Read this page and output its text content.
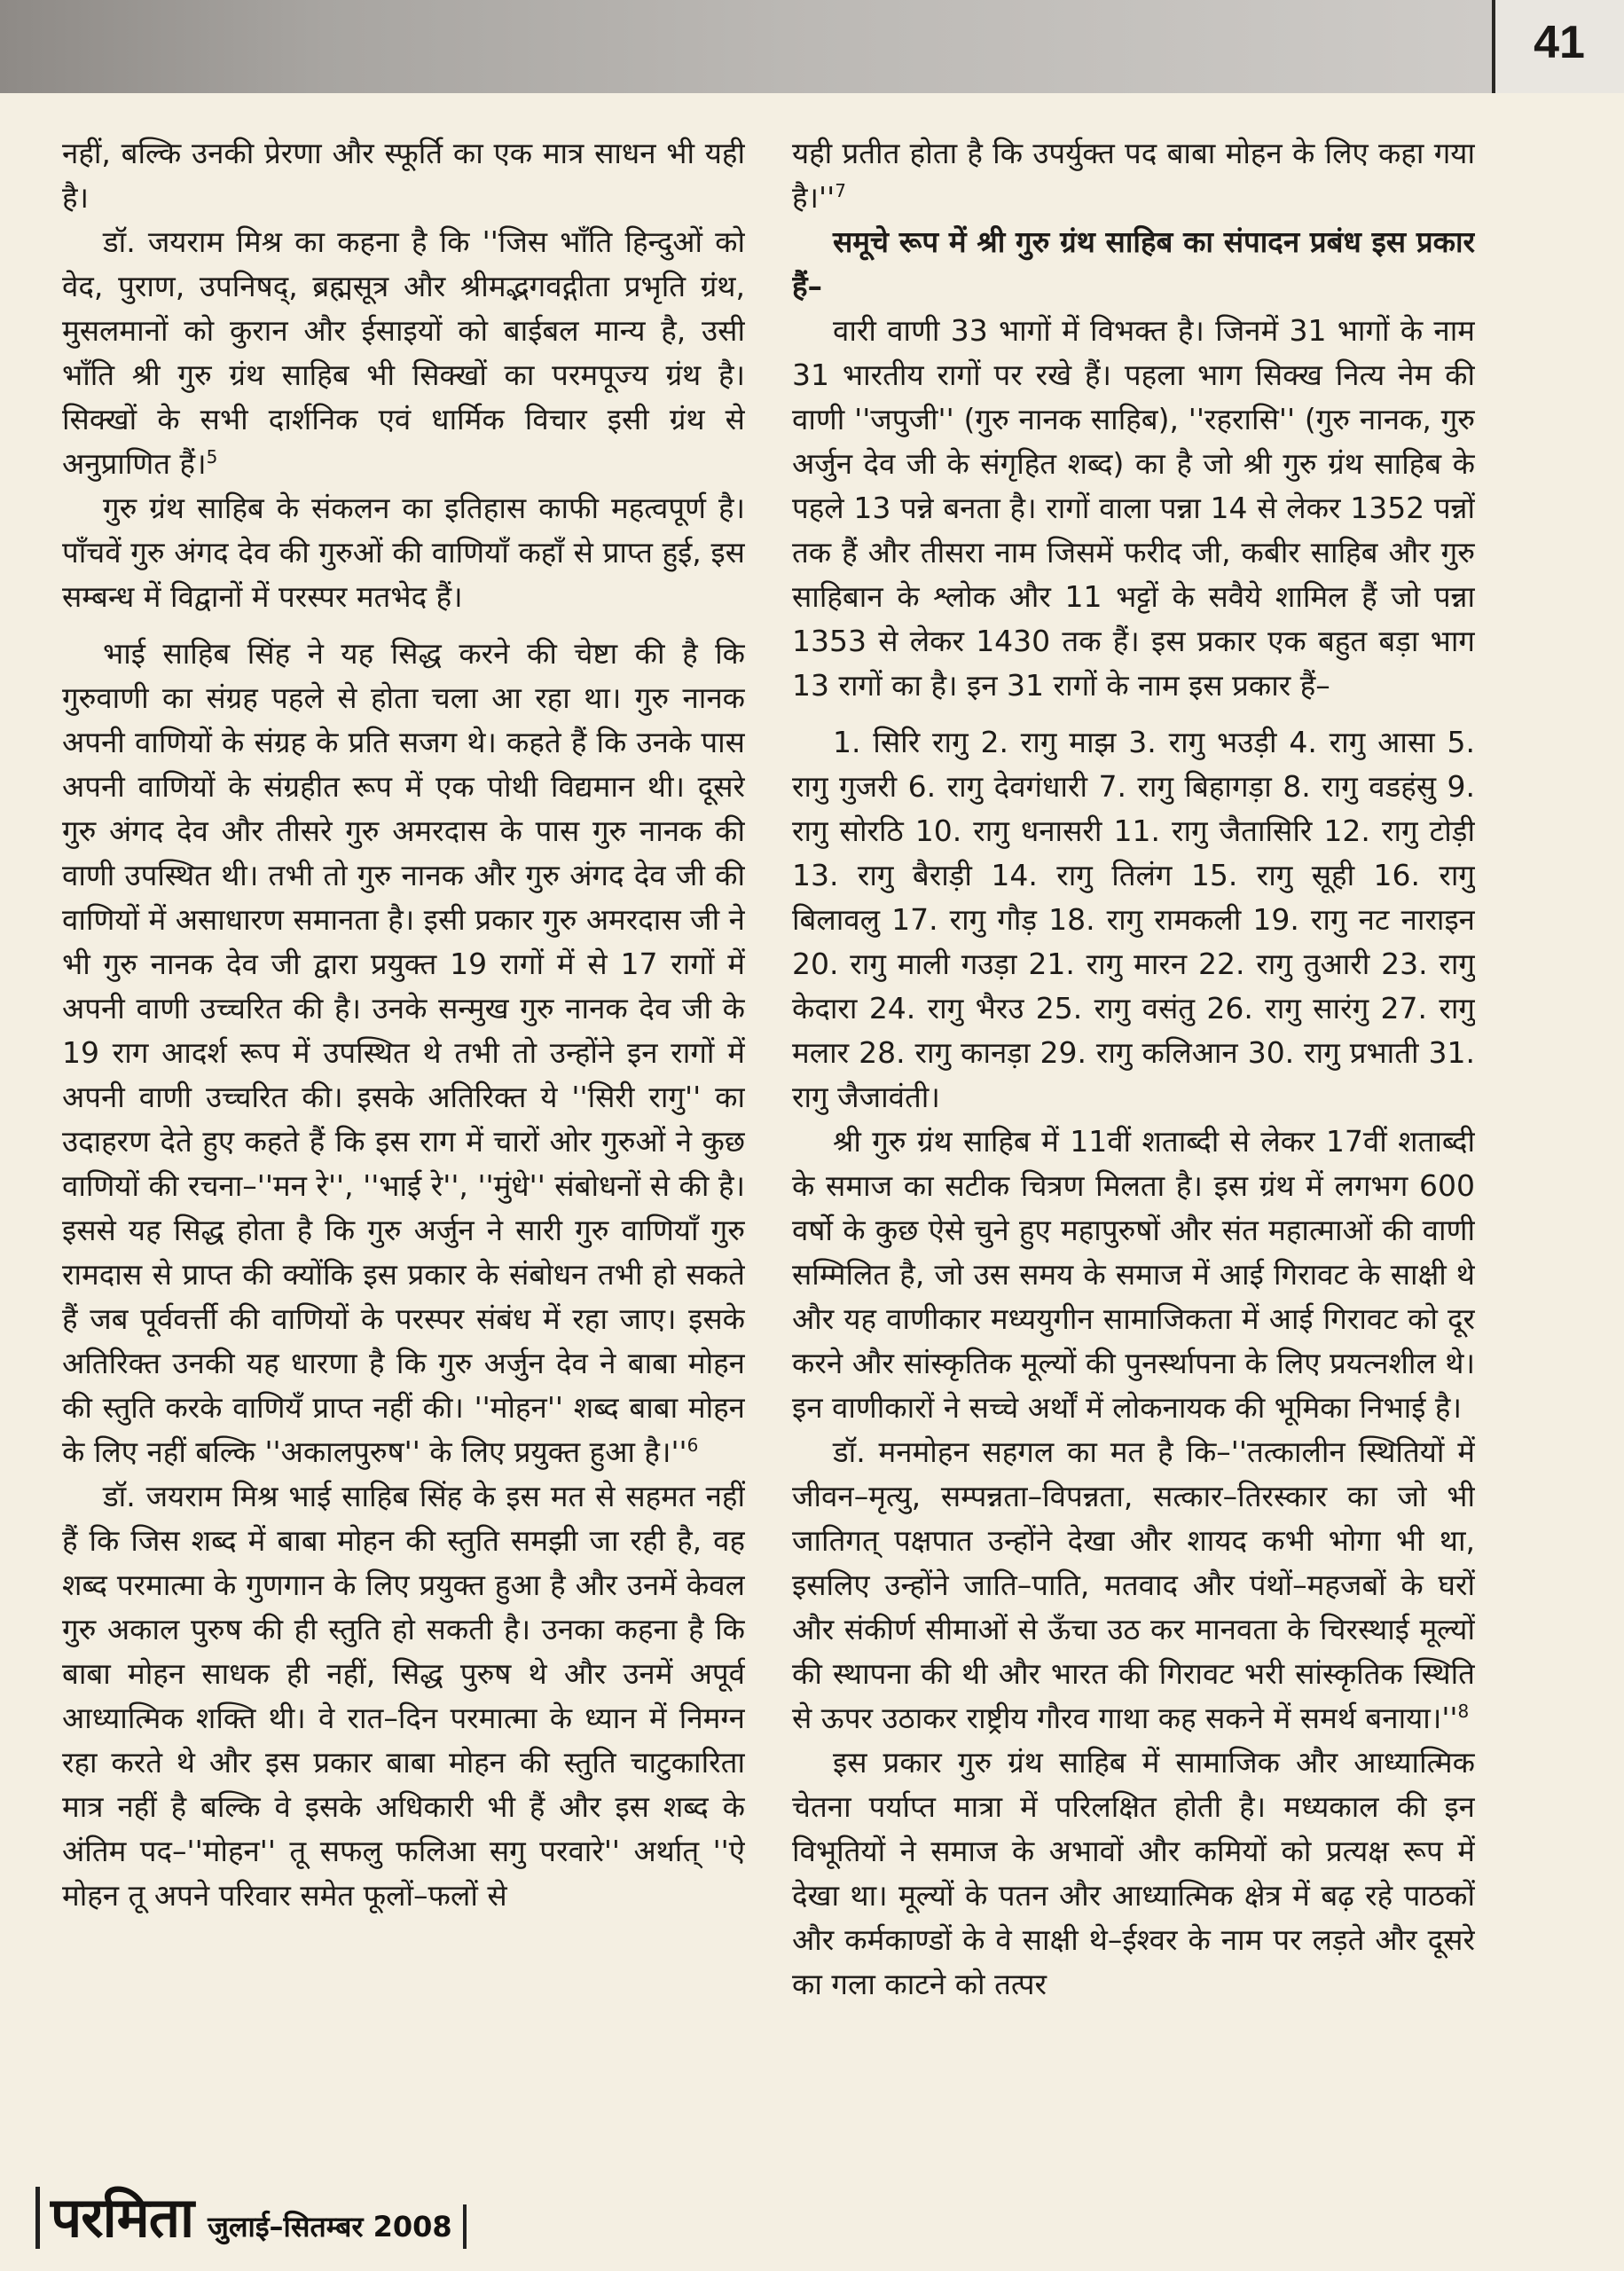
41

नहीं, बल्कि उनकी प्रेरणा और स्फूर्ति का एक मात्र साधन भी यही है।

डॉ. जयराम मिश्र का कहना है कि ''जिस भाँति हिन्दुओं को वेद, पुराण, उपनिषद्, ब्रह्मसूत्र और श्रीमद्भगवद्गीता प्रभृति ग्रंथ, मुसलमानों को कुरान और ईसाइयों को बाईबल मान्य है, उसी भाँति श्री गुरु ग्रंथ साहिब भी सिक्खों का परमपूज्य ग्रंथ है। सिक्खों के सभी दार्शनिक एवं धार्मिक विचार इसी ग्रंथ से अनुप्राणित हैं।$^5$

गुरु ग्रंथ साहिब के संकलन का इतिहास काफी महत्वपूर्ण है। पाँचवें गुरु अंगद देव की गुरुओं की वाणियाँ कहाँ से प्राप्त हुई, इस सम्बन्ध में विद्वानों में परस्पर मतभेद हैं।

भाई साहिब सिंह ने यह सिद्ध करने की चेष्टा की है कि गुरुवाणी का संग्रह पहले से होता चला आ रहा था। गुरु नानक अपनी वाणियों के संग्रह के प्रति सजग थे। कहते हैं कि उनके पास अपनी वाणियों के संग्रहीत रूप में एक पोथी विद्यमान थी। दूसरे गुरु अंगद देव और तीसरे गुरु अमरदास के पास गुरु नानक की वाणी उपस्थित थी। तभी तो गुरु नानक और गुरु अंगद देव जी की वाणियों में असाधारण समानता है। इसी प्रकार गुरु अमरदास जी ने भी गुरु नानक देव जी द्वारा प्रयुक्त 19 रागों में से 17 रागों में अपनी वाणी उच्चरित की है। उनके सन्मुख गुरु नानक देव जी के 19 राग आदर्श रूप में उपस्थित थे तभी तो उन्होंने इन रागों में अपनी वाणी उच्चरित की। इसके अतिरिक्त ये ''सिरी रागु'' का उदाहरण देते हुए कहते हैं कि इस राग में चारों ओर गुरुओं ने कुछ वाणियों की रचना–''मन रे'', ''भाई रे'', ''मुंधे'' संबोधनों से की है। इससे यह सिद्ध होता है कि गुरु अर्जुन ने सारी गुरु वाणियाँ गुरु रामदास से प्राप्त की क्योंकि इस प्रकार के संबोधन तभी हो सकते हैं जब पूर्ववर्त्ती की वाणियों के परस्पर संबंध में रहा जाए। इसके अतिरिक्त उनकी यह धारणा है कि गुरु अर्जुन देव ने बाबा मोहन की स्तुति करके वाणियँ प्राप्त नहीं की। ''मोहन'' शब्द बाबा मोहन के लिए नहीं बल्कि ''अकालपुरुष'' के लिए प्रयुक्त हुआ $है।''^6$

डॉ. जयराम मिश्र भाई साहिब सिंह के इस मत से सहमत नहीं हैं कि जिस शब्द में बाबा मोहन की स्तुति समझी जा रही है, वह शब्द परमात्मा के गुणगान के लिए प्रयुक्त हुआ है और उनमें केवल गुरु अकाल पुरुष की ही स्तुति हो सकती है। उनका कहना है कि बाबा मोहन साधक ही नहीं, सिद्ध पुरुष थे और उनमें अपूर्व आध्यात्मिक शक्ति थी। वे रात–दिन परमात्मा के ध्यान में निमग्न रहा करते थे और इस प्रकार बाबा मोहन की स्तुति चाटुकारिता मात्र नहीं है बल्कि वे इसके अधिकारी भी हैं और इस शब्द के अंतिम पद–''मोहन'' तू सफलु फलिआ सगु परवारे'' अर्थात् ''ऐ मोहन तू अपने परिवार समेत फूलों–फलों से

यही प्रतीत होता है कि उपर्युक्त पद बाबा मोहन के लिए कहा गया $है।''^7$

समूचे रूप में श्री गुरु ग्रंथ साहिब का संपादन प्रबंध इस प्रकार हैं–

वारी वाणी 33 भागों में विभक्त है। जिनमें 31 भागों के नाम 31 भारतीय रागों पर रखे हैं। पहला भाग सिक्ख नित्य नेम की वाणी ''जपुजी'' (गुरु नानक साहिब), ''रहरासि'' (गुरु नानक, गुरु अर्जुन देव जी के संगृहित शब्द) का है जो श्री गुरु ग्रंथ साहिब के पहले 13 पन्ने बनता है। रागों वाला पन्ना 14 से लेकर 1352 पन्नों तक हैं और तीसरा नाम जिसमें फरीद जी, कबीर साहिब और गुरु साहिबान के श्लोक और 11 भट्टों के सवैये शामिल हैं जो पन्ना 1353 से लेकर 1430 तक हैं। इस प्रकार एक बहुत बड़ा भाग 13 रागों का है। इन 31 रागों के नाम इस प्रकार हैं–

1. सिरि रागु 2. रागु माझ 3. रागु भउड़ी 4. रागु आसा 5. रागु गुजरी 6. रागु देवगंधारी 7. रागु बिहागड़ा 8. रागु वडहंसु 9. रागु सोरठि 10. रागु धनासरी 11. रागु जैतासिरि 12. रागु टोड़ी 13. रागु बैराड़ी 14. रागु तिलंग 15. रागु सूही 16. रागु बिलावलु 17. रागु गौड़ 18. रागु रामकली 19. रागु नट नाराइन 20. रागु माली गउड़ा 21. रागु मारन 22. रागु तुआरी 23. रागु केदारा 24. रागु भैरउ 25. रागु वसंतु 26. रागु सारंगु 27. रागु मलार 28. रागु कानड़ा 29. रागु कलिआन 30. रागु प्रभाती 31. रागु जैजावंती।

श्री गुरु ग्रंथ साहिब में 11वीं शताब्दी से लेकर 17वीं शताब्दी के समाज का सटीक चित्रण मिलता है। इस ग्रंथ में लगभग 600 वर्षो के कुछ ऐसे चुने हुए महापुरुषों और संत महात्माओं की वाणी सम्मिलित है, जो उस समय के समाज में आई गिरावट के साक्षी थे और यह वाणीकार मध्ययुगीन सामाजिकता में आई गिरावट को दूर करने और सांस्कृतिक मूल्यों की पुनर्स्थापना के लिए प्रयत्नशील थे। इन वाणीकारों ने सच्चे अर्थों में लोकनायक की भूमिका निभाई है।

डॉ. मनमोहन सहगल का मत है कि–''तत्कालीन स्थितियों में जीवन–मृत्यु, सम्पन्नता–विपन्नता, सत्कार–तिरस्कार का जो भी जातिगत् पक्षपात उन्होंने देखा और शायद कभी भोगा भी था, इसलिए उन्होंने जाति–पाति, मतवाद और पंथों–महजबों के घरों और संकीर्ण सीमाओं से ऊँचा उठ कर मानवता के चिरस्थाई मूल्यों की स्थापना की थी और भारत की गिरावट भरी सांस्कृतिक स्थिति से ऊपर उठाकर राष्ट्रीय गौरव गाथा कह सकने में समर्थ $बनाया।''^8$

इस प्रकार गुरु ग्रंथ साहिब में सामाजिक और आध्यात्मिक चेतना पर्याप्त मात्रा में परिलक्षित होती है। मध्यकाल की इन विभूतियों ने समाज के अभावों और कमियों को प्रत्यक्ष रूप में देखा था। मूल्यों के पतन और आध्यात्मिक क्षेत्र में बढ़ रहे पाठकों और कर्मकाण्डों के वे साक्षी थे–ईश्वर के नाम पर लड़ते और दूसरे का गला काटने को तत्पर

परमिता जुलाई–सितम्बर 2008
